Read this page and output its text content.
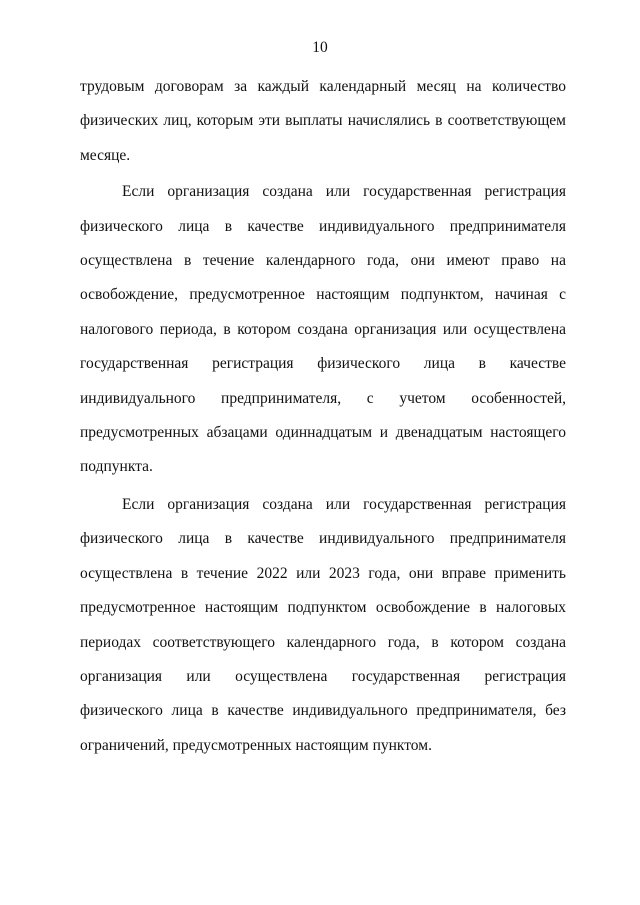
10

трудовым договорам за каждый календарный месяц на количество физических лиц, которым эти выплаты начислялись в соответствующем месяце.

Если организация создана или государственная регистрация физического лица в качестве индивидуального предпринимателя осуществлена в течение календарного года, они имеют право на освобождение, предусмотренное настоящим подпунктом, начиная с налогового периода, в котором создана организация или осуществлена государственная регистрация физического лица в качестве индивидуального предпринимателя, с учетом особенностей, предусмотренных абзацами одиннадцатым и двенадцатым настоящего подпункта.

Если организация создана или государственная регистрация физического лица в качестве индивидуального предпринимателя осуществлена в течение 2022 или 2023 года, они вправе применить предусмотренное настоящим подпунктом освобождение в налоговых периодах соответствующего календарного года, в котором создана организация или осуществлена государственная регистрация физического лица в качестве индивидуального предпринимателя, без ограничений, предусмотренных настоящим пунктом.
